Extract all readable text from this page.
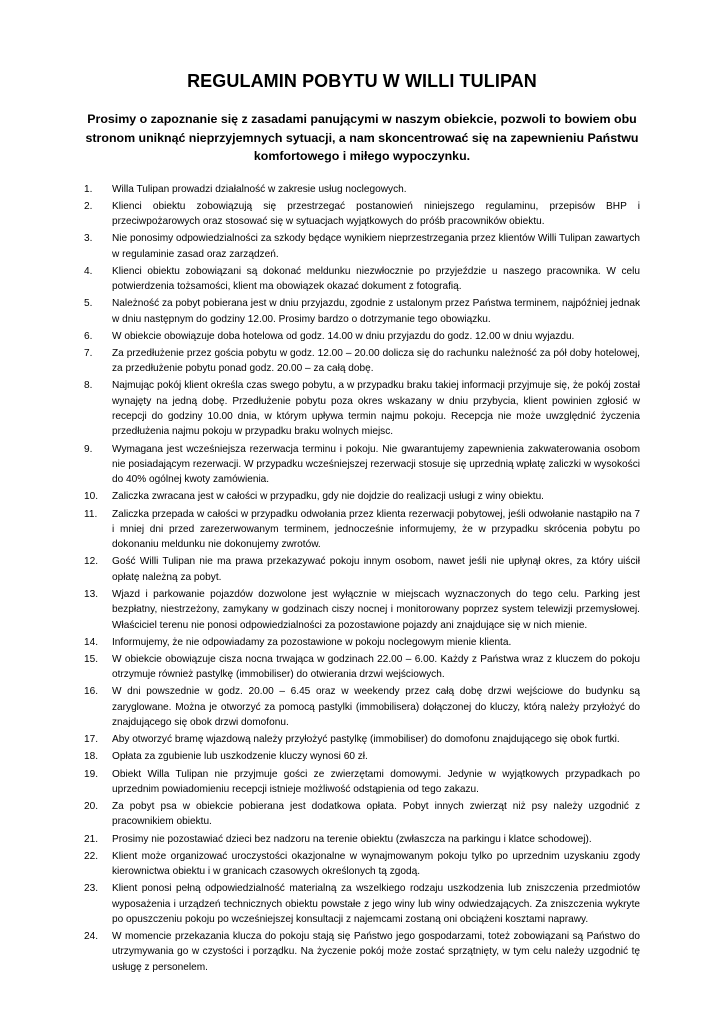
REGULAMIN POBYTU W WILLI TULIPAN

Prosimy o zapoznanie się z zasadami panującymi w naszym obiekcie, pozwoli to bowiem obu stronom uniknąć nieprzyjemnych sytuacji, a nam skoncentrować się na zapewnieniu Państwu komfortowego i miłego wypoczynku.

1.	Willa Tulipan prowadzi działalność w zakresie usług noclegowych.
2.	Klienci obiektu zobowiązują się przestrzegać postanowień niniejszego regulaminu, przepisów BHP i przeciwpożarowych oraz stosować się w sytuacjach wyjątkowych do próśb pracowników obiektu.
3.	Nie ponosimy odpowiedzialności za szkody będące wynikiem nieprzestrzegania przez klientów Willi Tulipan zawartych w regulaminie zasad oraz zarządzeń.
4.	Klienci obiektu zobowiązani są dokonać meldunku niezwłocznie po przyjeździe u naszego pracownika. W celu potwierdzenia tożsamości, klient ma obowiązek okazać dokument z fotografią.
5.	Należność za pobyt pobierana jest w dniu przyjazdu, zgodnie z ustalonym przez Państwa terminem, najpóźniej jednak w dniu następnym do godziny 12.00. Prosimy bardzo o dotrzymanie tego obowiązku.
6.	W obiekcie obowiązuje doba hotelowa od godz. 14.00 w dniu przyjazdu do godz. 12.00 w dniu wyjazdu.
7.	Za przedłużenie przez gościa pobytu w godz. 12.00 – 20.00 dolicza się do rachunku należność za pół doby hotelowej, za przedłużenie pobytu ponad godz. 20.00 – za całą dobę.
8.	Najmując pokój klient określa czas swego pobytu, a w przypadku braku takiej informacji przyjmuje się, że pokój został wynajęty na jedną dobę. Przedłużenie pobytu poza okres wskazany w dniu przybycia, klient powinien zgłosić w recepcji do godziny 10.00 dnia, w którym upływa termin najmu pokoju. Recepcja nie może uwzględnić życzenia przedłużenia najmu pokoju w przypadku braku wolnych miejsc.
9.	Wymagana jest wcześniejsza rezerwacja terminu i pokoju. Nie gwarantujemy zapewnienia zakwaterowania osobom nie posiadającym rezerwacji. W przypadku wcześniejszej rezerwacji stosuje się uprzednią wpłatę zaliczki w wysokości do 40% ogólnej kwoty zamówienia.
10.	Zaliczka zwracana jest w całości w przypadku, gdy nie dojdzie do realizacji usługi z winy obiektu.
11.	Zaliczka przepada w całości w przypadku odwołania przez klienta rezerwacji pobytowej, jeśli odwołanie nastąpiło na 7 i mniej dni przed zarezerwowanym terminem, jednocześnie informujemy, że w przypadku skrócenia pobytu po dokonaniu meldunku nie dokonujemy zwrotów.
12.	Gość Willi Tulipan nie ma prawa przekazywać pokoju innym osobom, nawet jeśli nie upłynął okres, za który uiścił opłatę należną za pobyt.
13.	Wjazd i parkowanie pojazdów dozwolone jest wyłącznie w miejscach wyznaczonych do tego celu. Parking jest bezpłatny, niestrzeżony, zamykany w godzinach ciszy nocnej i monitorowany poprzez system telewizji przemysłowej. Właściciel terenu nie ponosi odpowiedzialności za pozostawione pojazdy ani znajdujące się w nich mienie.
14.	Informujemy, że nie odpowiadamy za pozostawione w pokoju noclegowym mienie klienta.
15.	W obiekcie obowiązuje cisza nocna trwająca w godzinach 22.00 – 6.00. Każdy z Państwa wraz z kluczem do pokoju otrzymuje również pastylkę (immobiliser) do otwierania drzwi wejściowych.
16.	W dni powszednie w godz. 20.00 – 6.45 oraz w weekendy przez całą dobę drzwi wejściowe do budynku są zaryglowane. Można je otworzyć za pomocą pastylki (immobilisera) dołączonej do kluczy, którą należy przyłożyć do znajdującego się obok drzwi domofonu.
17.	Aby otworzyć bramę wjazdową należy przyłożyć pastylkę (immobiliser) do domofonu znajdującego się obok furtki.
18.	Opłata za zgubienie lub uszkodzenie kluczy wynosi 60 zł.
19.	Obiekt Willa Tulipan nie przyjmuje gości ze zwierzętami domowymi. Jedynie w wyjątkowych przypadkach po uprzednim powiadomieniu recepcji istnieje możliwość odstąpienia od tego zakazu.
20.	Za pobyt psa w obiekcie pobierana jest dodatkowa opłata. Pobyt innych zwierząt niż psy należy uzgodnić z pracownikiem obiektu.
21.	Prosimy nie pozostawiać dzieci bez nadzoru na terenie obiektu (zwłaszcza na parkingu i klatce schodowej).
22.	Klient może organizować uroczystości okazjonalne w wynajmowanym pokoju tylko po uprzednim uzyskaniu zgody kierownictwa obiektu i w granicach czasowych określonych tą zgodą.
23.	Klient ponosi pełną odpowiedzialność materialną za wszelkiego rodzaju uszkodzenia lub zniszczenia przedmiotów wyposażenia i urządzeń technicznych obiektu powstałe z jego winy lub winy odwiedzających. Za zniszczenia wykryte po opuszczeniu pokoju po wcześniejszej konsultacji z najemcami zostaną oni obciążeni kosztami naprawy.
24.	W momencie przekazania klucza do pokoju stają się Państwo jego gospodarzami, toteż zobowiązani są Państwo do utrzymywania go w czystości i porządku. Na życzenie pokój może zostać sprzątnięty, w tym celu należy uzgodnić tę usługę z personelem.
